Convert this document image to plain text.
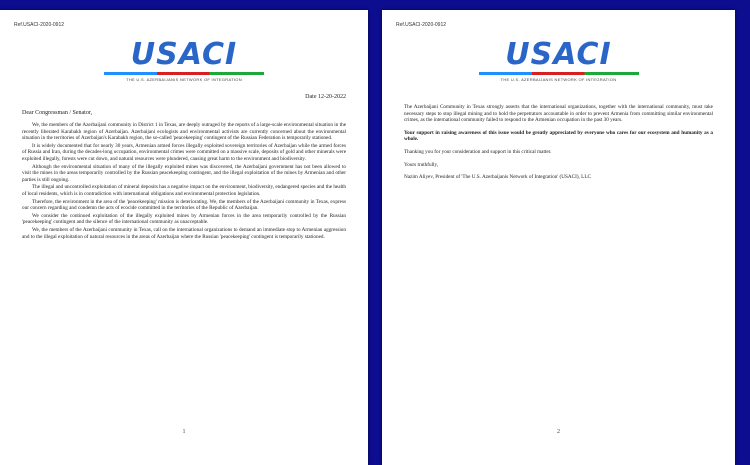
Ref.USACI-2020-0912
USACI
THE U.S. AZERBAIJANIS NETWORK OF INTEGRATION
Date 12-20-2022
Dear Congressman / Senator,

We, the members of the Azerbaijani community in District 1 in Texas, are deeply outraged by the reports of a large-scale environmental situation in the recently liberated Karabakh region of Azerbaijan. Azerbaijani ecologists and environmental activists are currently concerned about the environmental situation in the territories of Azerbaijan's Karabakh region, the so-called 'peacekeeping' contingent of the Russian Federation is temporarily stationed.

It is widely documented that for nearly 30 years, Armenian armed forces illegally exploited sovereign territories of Azerbaijan while the armed forces of Russia and Iran, during the decades-long occupation, environmental crimes were committed on a massive scale, deposits of gold and other minerals were exploited illegally, forests were cut down, and natural resources were plundered, causing great harm to the environment and biodiversity.

Although the environmental situation of many of the illegally exploited mines was discovered, the Azerbaijani government has not been allowed to visit the mines in the areas temporarily controlled by the Russian peacekeeping contingent, and the illegal exploitation of the mines by Armenian and other parties is still ongoing.

The illegal and uncontrolled exploitation of mineral deposits has a negative impact on the environment, biodiversity, endangered species and the health of local residents, which is in contradiction with international obligations and environmental protection legislation.

Therefore, the environment in the area of the 'peacekeeping' mission is deteriorating. We, the members of the Azerbaijani community in Texas, express our concern regarding and condemn the acts of ecocide committed in the territories of the Republic of Azerbaijan.

We consider the continued exploitation of the illegally exploited mines by Armenian forces in the area temporarily controlled by the Russian 'peacekeeping' contingent and the silence of the international community as unacceptable.

We, the members of the Azerbaijani community in Texas, call on the international organizations to demand an immediate stop to Armenian aggression and to the illegal exploitation of natural resources in the areas of Azerbaijan where the Russian 'peacekeeping' contingent is temporarily stationed.

1
Ref.USACI-2020-0912
USACI
THE U.S. AZERBAIJANIS NETWORK OF INTEGRATION

The Azerbaijani Community in Texas strongly asserts that the international organizations, together with the international community, must take necessary steps to stop illegal mining and to hold the perpetrators accountable in order to prevent Armenia from committing similar environmental crimes, as the international community failed to respond to the Armenian occupation in the past 30 years.

Your support in raising awareness of this issue would be greatly appreciated by everyone who cares for our ecosystem and humanity as a whole.

Thanking you for your consideration and support in this critical matter.

Yours truthfully,

Nazim Aliyev, President of 'The U.S. Azerbaijanis Network of Integration' (USACI), LLC

2
